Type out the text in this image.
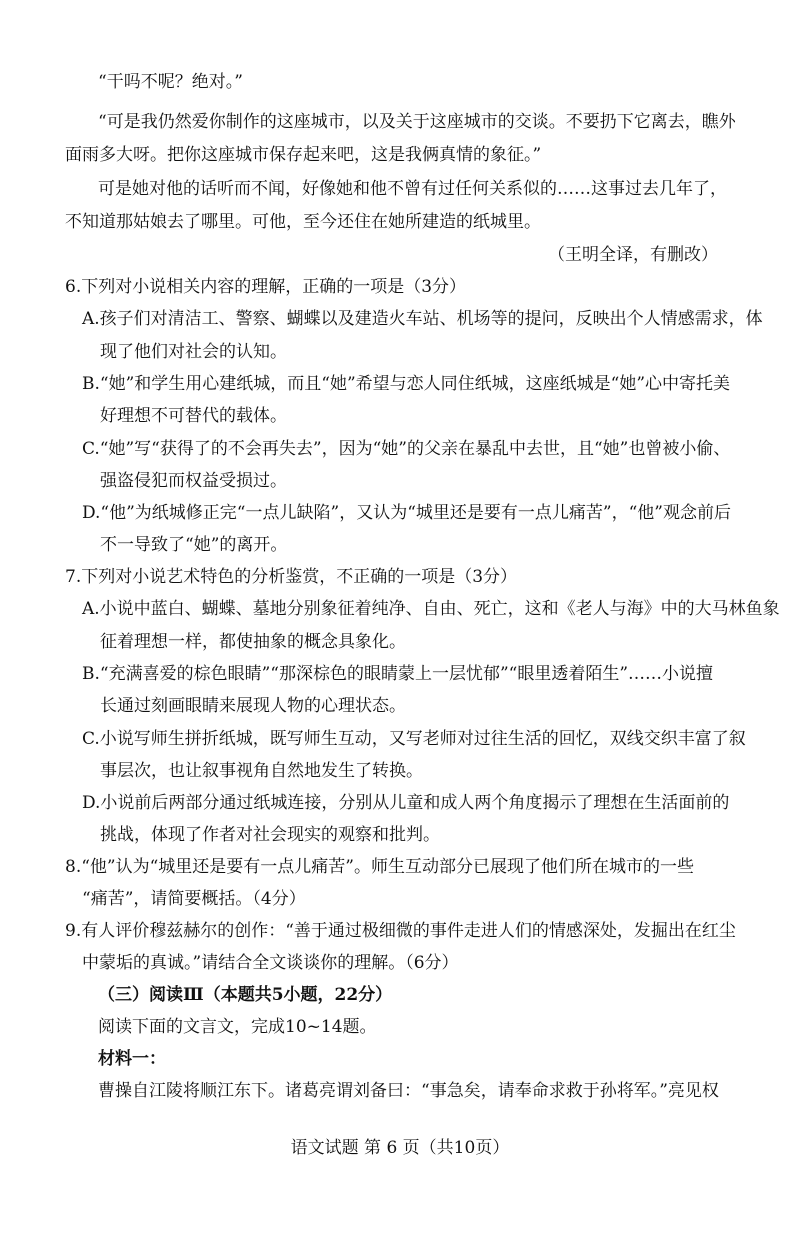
“干吗不呢？绝对。”
“可是我仍然爱你制作的这座城市，以及关于这座城市的交谈。不要扔下它离去，瞧外
面雨多大呀。把你这座城市保存起来吧，这是我俩真情的象征。”
可是她对他的话听而不闻，好像她和他不曾有过任何关系似的……这事过去几年了，
不知道那姑娘去了哪里。可他，至今还住在她所建造的纸城里。
（王明全译，有删改）
6.下列对小说相关内容的理解，正确的一项是（3分）
A.孩子们对清洁工、警察、蝴蝶以及建造火车站、机场等的提问，反映出个人情感需求，体
现了他们对社会的认知。
B.“她”和学生用心建纸城，而且“她”希望与恋人同住纸城，这座纸城是“她”心中寄托美
好理想不可替代的载体。
C.“她”写“获得了的不会再失去”，因为“她”的父亲在暴乱中去世，且“她”也曾被小偷、
强盗侵犯而权益受损过。
D.“他”为纸城修正完“一点儿缺陷”，又认为“城里还是要有一点儿痛苦”，“他”观念前后
不一导致了“她”的离开。
7.下列对小说艺术特色的分析鉴赏，不正确的一项是（3分）
A.小说中蓝白、蝴蝶、墓地分别象征着纯净、自由、死亡，这和《老人与海》中的大马林鱼象
征着理想一样，都使抽象的概念具象化。
B.“充满喜爱的棕色眼睛”“那深棕色的眼睛蒙上一层忧郁”“眼里透着陌生”……小说擅
长通过刻画眼睛来展现人物的心理状态。
C.小说写师生拼折纸城，既写师生互动，又写老师对过往生活的回忆，双线交织丰富了叙
事层次，也让叙事视角自然地发生了转换。
D.小说前后两部分通过纸城连接，分别从儿童和成人两个角度揭示了理想在生活面前的
挑战，体现了作者对社会现实的观察和批判。
8.“他”认为“城里还是要有一点儿痛苦”。师生互动部分已展现了他们所在城市的一些
“痛苦”，请简要概括。（4分）
9.有人评价穆兹赫尔的创作：“善于通过极细微的事件走进人们的情感深处，发掘出在红尘
中蒙垢的真诚。”请结合全文谈谈你的理解。（6分）
（三）阅读Ⅲ（本题共5小题，22分）
阅读下面的文言文，完成10~14题。
材料一：
曹操自江陵将顺江东下。诸葛亮谓刘备曰：“事急矣，请奉命求救于孙将军。”亮见权
语文试题 第 6 页（共10页）
